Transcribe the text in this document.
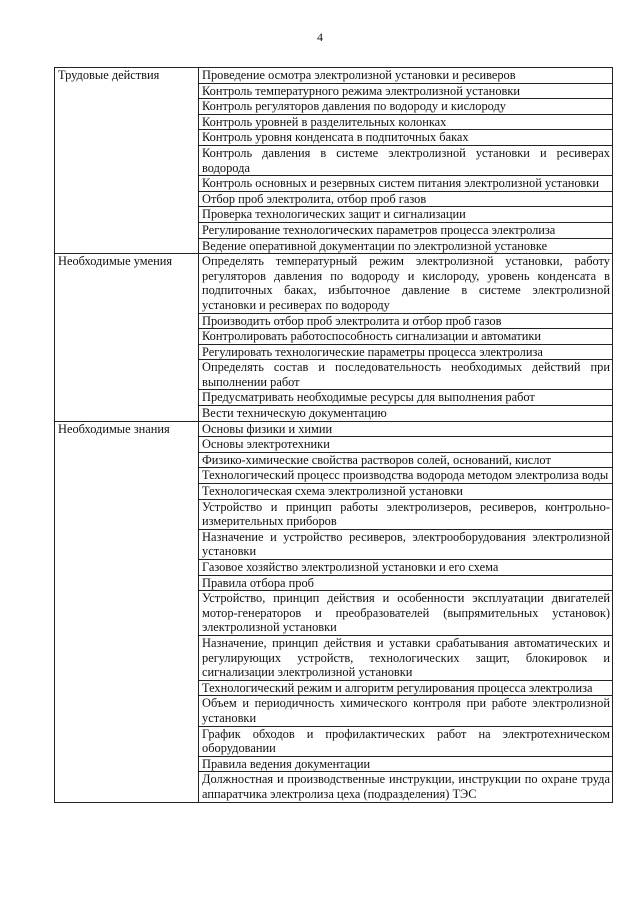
4
Трудовые действия	Проведение осмотра электролизной установки и ресиверов
	Контроль температурного режима электролизной установки
	Контроль регуляторов давления по водороду и кислороду
	Контроль уровней в разделительных колонках
	Контроль уровня конденсата в подпиточных баках
	Контроль давления в системе электролизной установки и ресиверах водорода
	Контроль основных и резервных систем питания электролизной установки
	Отбор проб электролита, отбор проб газов
	Проверка технологических защит и сигнализации
	Регулирование технологических параметров процесса электролиза
	Ведение оперативной документации по электролизной установке
Необходимые умения	Определять температурный режим электролизной установки, работу регуляторов давления по водороду и кислороду, уровень конденсата в подпиточных баках, избыточное давление в системе электролизной установки и ресиверах по водороду
	Производить отбор проб электролита и отбор проб газов
	Контролировать работоспособность сигнализации и автоматики
	Регулировать технологические параметры процесса электролиза
	Определять состав и последовательность необходимых действий при выполнении работ
	Предусматривать необходимые ресурсы для выполнения работ
	Вести техническую документацию
Необходимые знания	Основы физики и химии
	Основы электротехники
	Физико-химические свойства растворов солей, оснований, кислот
	Технологический процесс производства водорода методом электролиза воды
	Технологическая схема электролизной установки
	Устройство и принцип работы электролизеров, ресиверов, контрольно-измерительных приборов
	Назначение и устройство ресиверов, электрооборудования электролизной установки
	Газовое хозяйство электролизной установки и его схема
	Правила отбора проб
	Устройство, принцип действия и особенности эксплуатации двигателей мотор-генераторов и преобразователей (выпрямительных установок) электролизной установки
	Назначение, принцип действия и уставки срабатывания автоматических и регулирующих устройств, технологических защит, блокировок и сигнализации электролизной установки
	Технологический режим и алгоритм регулирования процесса электролиза
	Объем и периодичность химического контроля при работе электролизной установки
	График обходов и профилактических работ на электротехническом оборудовании
	Правила ведения документации
	Должностная и производственные инструкции, инструкции по охране труда аппаратчика электролиза цеха (подразделения) ТЭС
